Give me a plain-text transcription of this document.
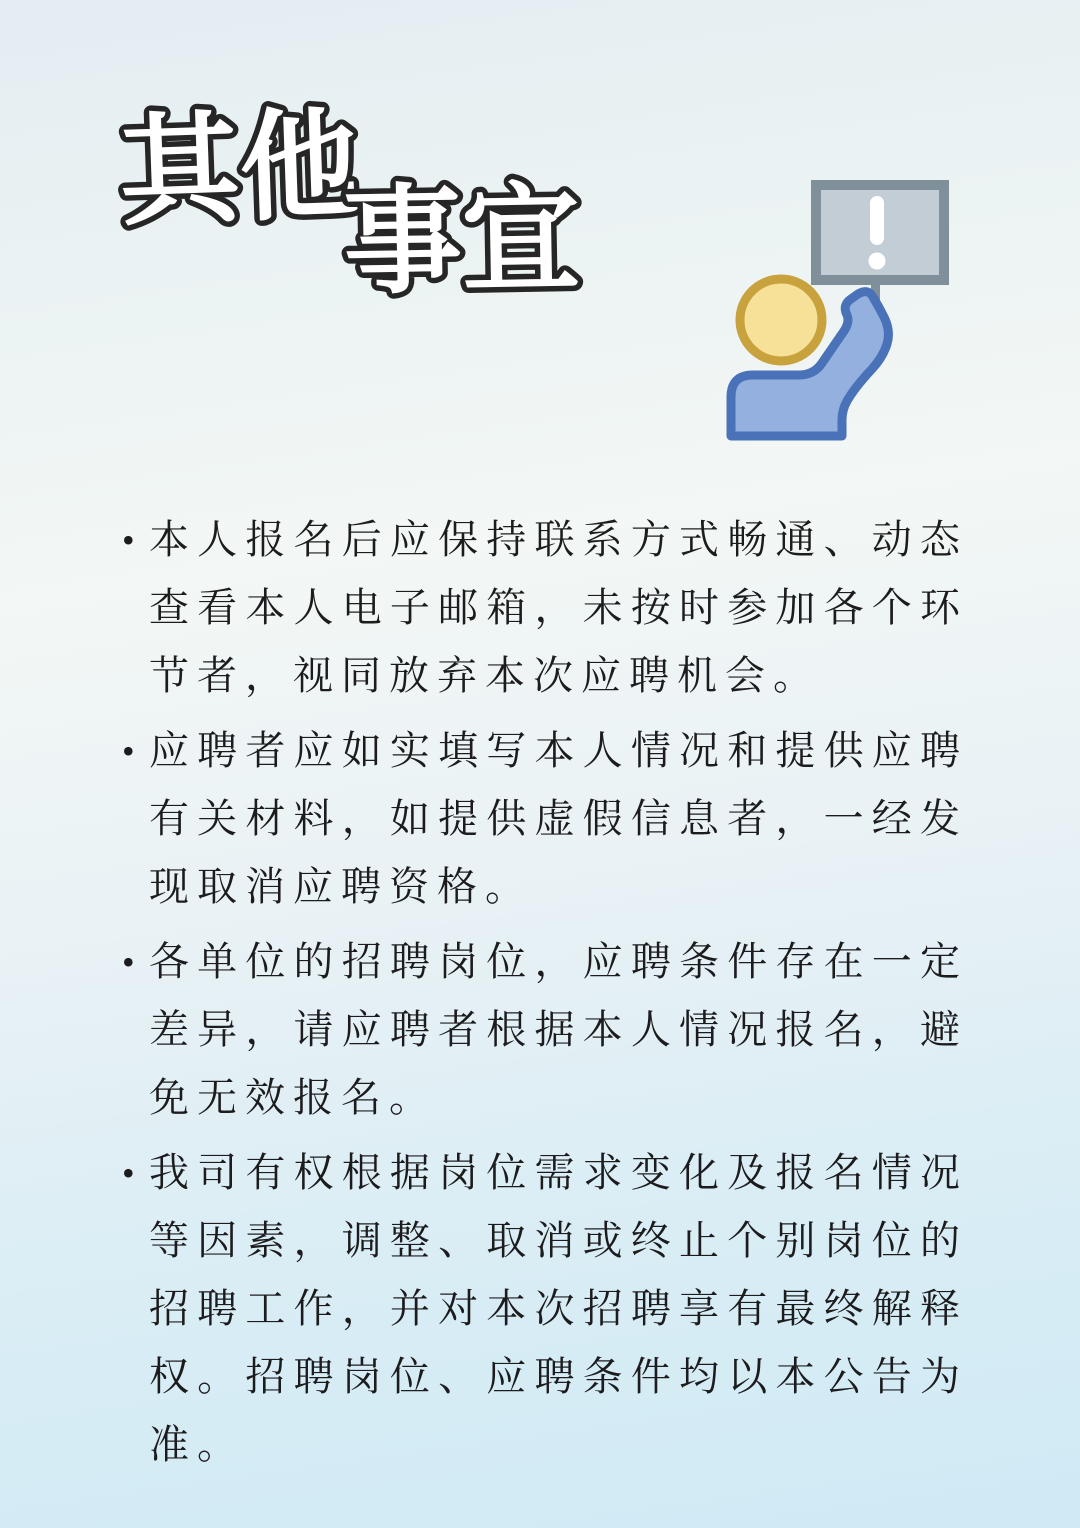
其他
事宜
• 本人报名后应保持联系方式畅通、动态查看本人电子邮箱，未按时参加各个环节者，视同放弃本次应聘机会。
• 应聘者应如实填写本人情况和提供应聘有关材料，如提供虚假信息者，一经发现取消应聘资格。
• 各单位的招聘岗位，应聘条件存在一定差异，请应聘者根据本人情况报名，避免无效报名。
• 我司有权根据岗位需求变化及报名情况等因素，调整、取消或终止个别岗位的招聘工作，并对本次招聘享有最终解释权。招聘岗位、应聘条件均以本公告为准。
